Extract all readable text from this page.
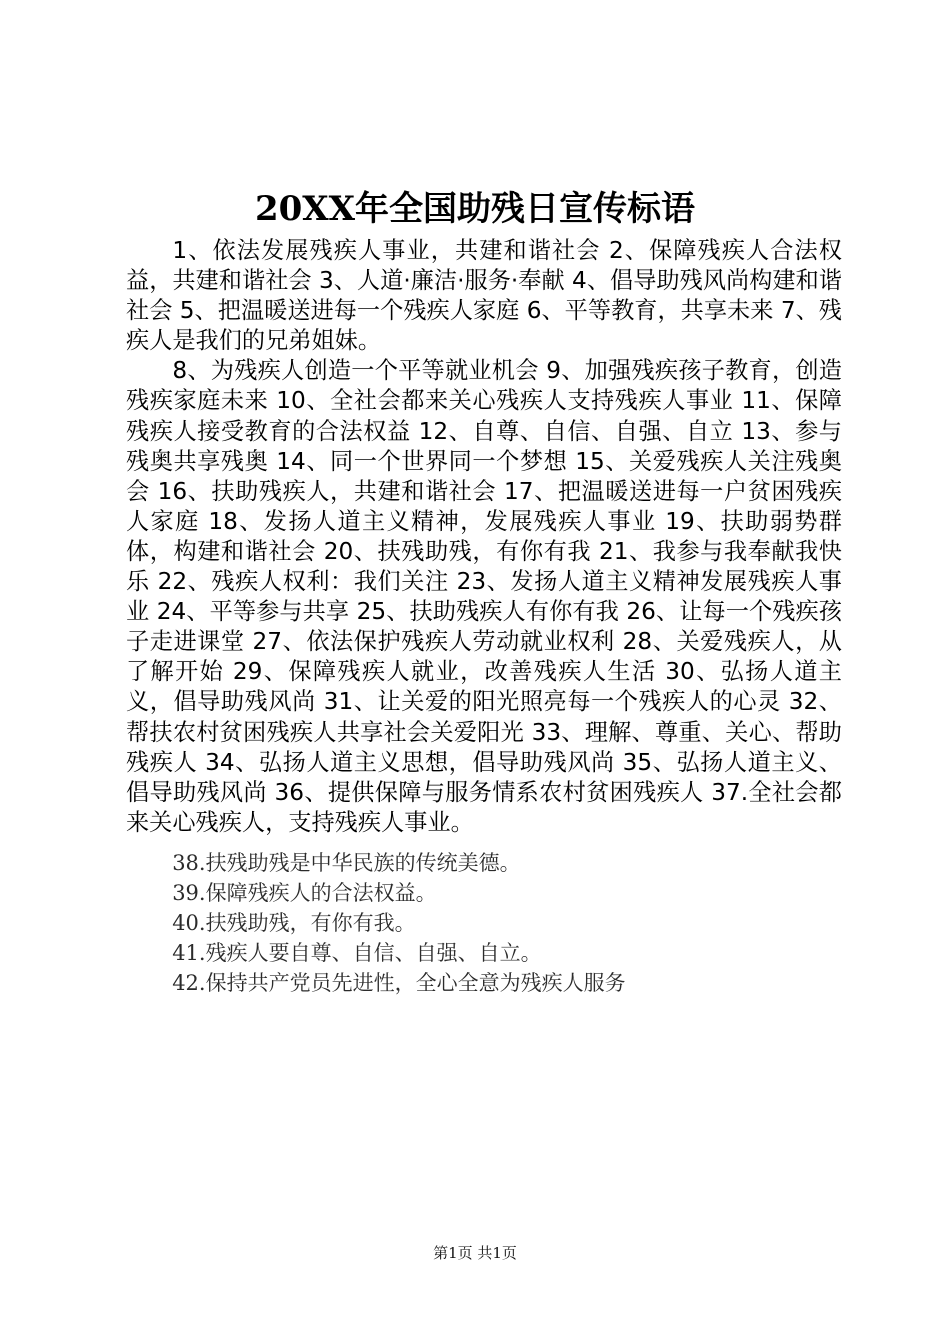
20XX年全国助残日宣传标语

1、依法发展残疾人事业，共建和谐社会 2、保障残疾人合法权益，共建和谐社会 3、人道·廉洁·服务·奉献 4、倡导助残风尚构建和谐社会 5、把温暖送进每一个残疾人家庭 6、平等教育，共享未来 7、残疾人是我们的兄弟姐妹。

8、为残疾人创造一个平等就业机会 9、加强残疾孩子教育，创造残疾家庭未来 10、全社会都来关心残疾人支持残疾人事业 11、保障残疾人接受教育的合法权益 12、自尊、自信、自强、自立 13、参与残奥共享残奥 14、同一个世界同一个梦想 15、关爱残疾人关注残奥会 16、扶助残疾人，共建和谐社会 17、把温暖送进每一户贫困残疾人家庭 18、发扬人道主义精神，发展残疾人事业 19、扶助弱势群体，构建和谐社会 20、扶残助残，有你有我 21、我参与我奉献我快乐 22、残疾人权利：我们关注 23、发扬人道主义精神发展残疾人事业 24、平等参与共享 25、扶助残疾人有你有我 26、让每一个残疾孩子走进课堂 27、依法保护残疾人劳动就业权利 28、关爱残疾人，从了解开始 29、保障残疾人就业，改善残疾人生活 30、弘扬人道主义，倡导助残风尚 31、让关爱的阳光照亮每一个残疾人的心灵 32、帮扶农村贫困残疾人共享社会关爱阳光 33、理解、尊重、关心、帮助残疾人 34、弘扬人道主义思想，倡导助残风尚 35、弘扬人道主义、倡导助残风尚 36、提供保障与服务情系农村贫困残疾人 37.全社会都来关心残疾人，支持残疾人事业。

38.扶残助残是中华民族的传统美德。

39.保障残疾人的合法权益。

40.扶残助残，有你有我。

41.残疾人要自尊、自信、自强、自立。

42.保持共产党员先进性，全心全意为残疾人服务

第1页 共1页
